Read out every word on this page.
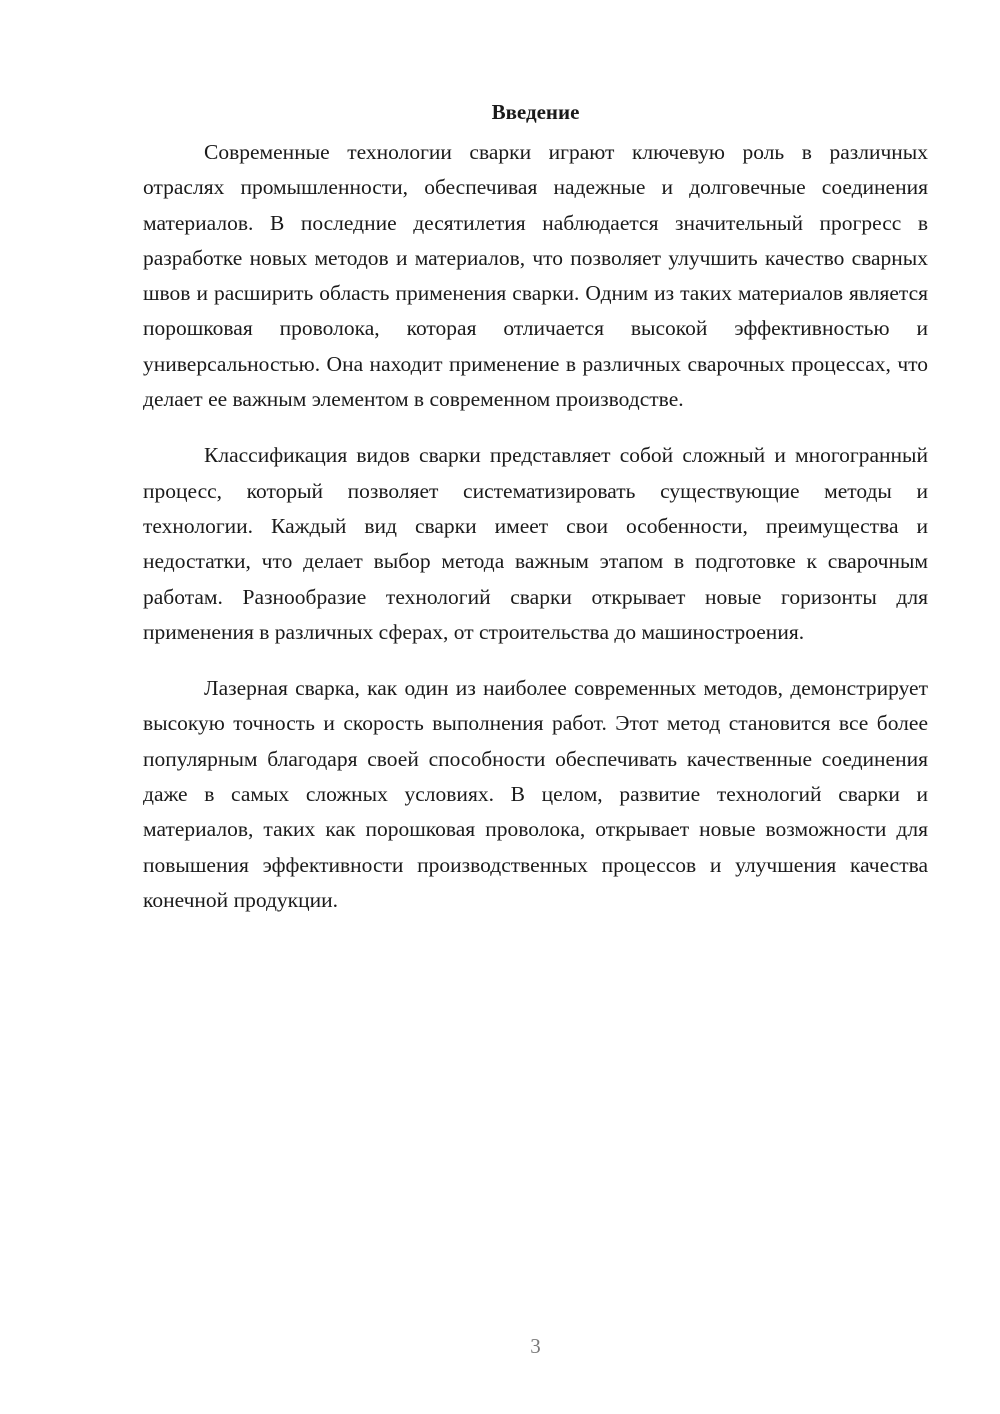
Введение

Современные технологии сварки играют ключевую роль в различных отраслях промышленности, обеспечивая надежные и долговечные соединения материалов. В последние десятилетия наблюдается значительный прогресс в разработке новых методов и материалов, что позволяет улучшить качество сварных швов и расширить область применения сварки. Одним из таких материалов является порошковая проволока, которая отличается высокой эффективностью и универсальностью. Она находит применение в различных сварочных процессах, что делает ее важным элементом в современном производстве.

Классификация видов сварки представляет собой сложный и многогранный процесс, который позволяет систематизировать существующие методы и технологии. Каждый вид сварки имеет свои особенности, преимущества и недостатки, что делает выбор метода важным этапом в подготовке к сварочным работам. Разнообразие технологий сварки открывает новые горизонты для применения в различных сферах, от строительства до машиностроения.

Лазерная сварка, как один из наиболее современных методов, демонстрирует высокую точность и скорость выполнения работ. Этот метод становится все более популярным благодаря своей способности обеспечивать качественные соединения даже в самых сложных условиях. В целом, развитие технологий сварки и материалов, таких как порошковая проволока, открывает новые возможности для повышения эффективности производственных процессов и улучшения качества конечной продукции.

3
